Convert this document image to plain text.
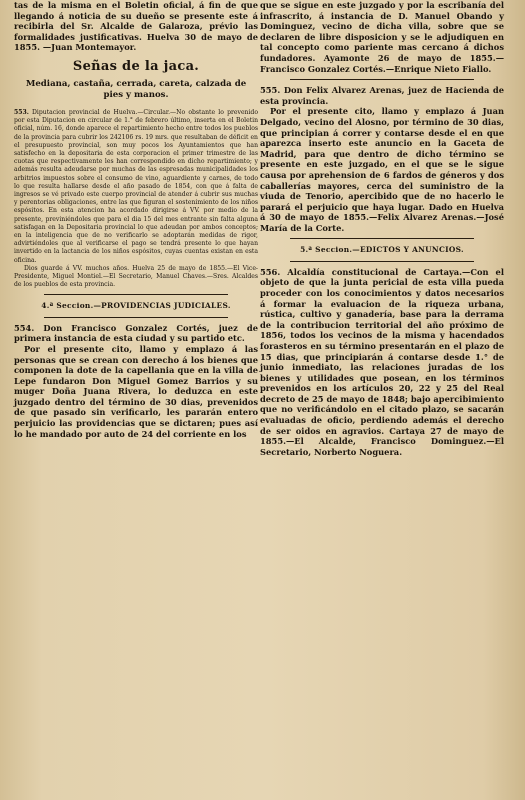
tas de la misma en el Boletin oficial, á fin de que llegando á noticia de su dueño se presente este á recibirla del Sr. Alcalde de Galaroza, prévio las formalidades justificativas. Huelva 30 de mayo de 1855. —Juan Montemayor.

Señas de la jaca.
Mediana, castaña, cerrada, careta, calzada de pies y manos.

553. Diputacion provincial de Huelva.—Circular.—No obstante lo prevenido por esta Diputacion en circular de 1.° de febrero último, inserta en el Boletin oficial, núm. 16, donde aparece el repartimiento hecho entre todos los pueblos de la provincia para cubrir los 242106 rs. 19 mrs. que resultaban de déficit en el presupuesto provincial, son muy pocos los Ayuntamientos que han satisfecho en la depositaria de esta corporacion el primer trimestre de las cuotas que respectivamente les han correspondido en dicho repartimiento; y además resulta adeudarse por muchas de las espresadas municipalidades los arbitrios impuestos sobre el consumo de vino, aguardiente y carnes, de todo lo que resulta hallarse desde el año pasado de 1854, con que á falta de ingresos se vé privado este cuerpo provincial de atender á cubrir sus muchas y perentorias obligaciones, entre las que figuran el sostenimiento de los niños espósitos. En esta atencion ha acordado dirigirse á VV. por medio de la presente, previniéndoles que para el dia 15 del mes entrante sin falta alguna satisfagan en la Depositaria provincial lo que adeudan por ambos conceptos; en la inteligencia que de no verificarlo se adoptarán medidas de rigor, advirtiéndoles que al verificarse el pago se tendrá presente lo que hayan invertido en la lactancia de los niños espósitos, cuyas cuentas existan en esta oficina.

Dios guarde á VV. muchos años. Huelva 25 de mayo de 1855.—El Vice-Presidente, Miguel Montiel.—El Secretario, Manuel Chaves.—Sres. Alcaldes de los pueblos de esta provincia.

4.ª Seccion.—PROVIDENCIAS JUDICIALES.

554. Don Francisco Gonzalez Cortés, juez de primera instancia de esta ciudad y su partido etc.

Por el presente cito, llamo y emplazo á las personas que se crean con derecho á los bienes que componen la dote de la capellania que en la villa de Lepe fundaron Don Miguel Gomez Barrios y su muger Doña Juana Rivera, lo deduzca en este juzgado dentro del término de 30 dias, prevenidos de que pasado sin verificarlo, les pararán entero perjuicio las providencias que se dictaren; pues así lo he mandado por auto de 24 del corriente en los

que se sigue en este juzgado y por la escribanía del infrascrito, á instancia de D. Manuel Obando y Dominguez, vecino de dicha villa, sobre que se declaren de libre disposicion y se le adjudiquen en tal concepto como pariente mas cercano á dichos fundadores. Ayamonte 26 de mayo de 1855.—Francisco Gonzalez Cortés.—Enrique Nieto Fiallo.

555. Don Felix Alvarez Arenas, juez de Hacienda de esta provincia.

Por el presente cito, llamo y emplazo á Juan Delgado, vecino del Alosno, por término de 30 dias, que principian á correr y contarse desde el en que aparezca inserto este anuncio en la Gaceta de Madrid, para que dentro de dicho término se presente en este juzgado, en el que se le sigue causa por aprehension de 6 fardos de géneros y dos caballerías mayores, cerca del suministro de la viuda de Tenorio, apercibido que de no hacerlo le parará el perjuicio que haya lugar. Dado en Huelva á 30 de mayo de 1855.—Felix Alvarez Arenas.—José María de la Corte.

5.ª Seccion.—EDICTOS Y ANUNCIOS.

556. Alcaldía constitucional de Cartaya.—Con el objeto de que la junta pericial de esta villa pueda proceder con los conocimientos y datos necesarios á formar la evaluacion de la riqueza urbana, rústica, cultivo y ganadería, base para la derrama de la contribucion territorial del año próximo de 1856, todos los vecinos de la misma y hacendados forasteros en su término presentarán en el plazo de 15 dias, que principiarán á contarse desde 1.° de junio inmediato, las relaciones juradas de los bienes y utilidades que posean, en los términos prevenidos en los artículos 20, 22 y 25 del Real decreto de 25 de mayo de 1848; bajo apercibimiento que no verificándolo en el citado plazo, se sacarán evaluadas de oficio, perdiendo además el derecho de ser oidos en agravios. Cartaya 27 de mayo de 1855.—El Alcalde, Francisco Dominguez.—El Secretario, Norberto Noguera.
